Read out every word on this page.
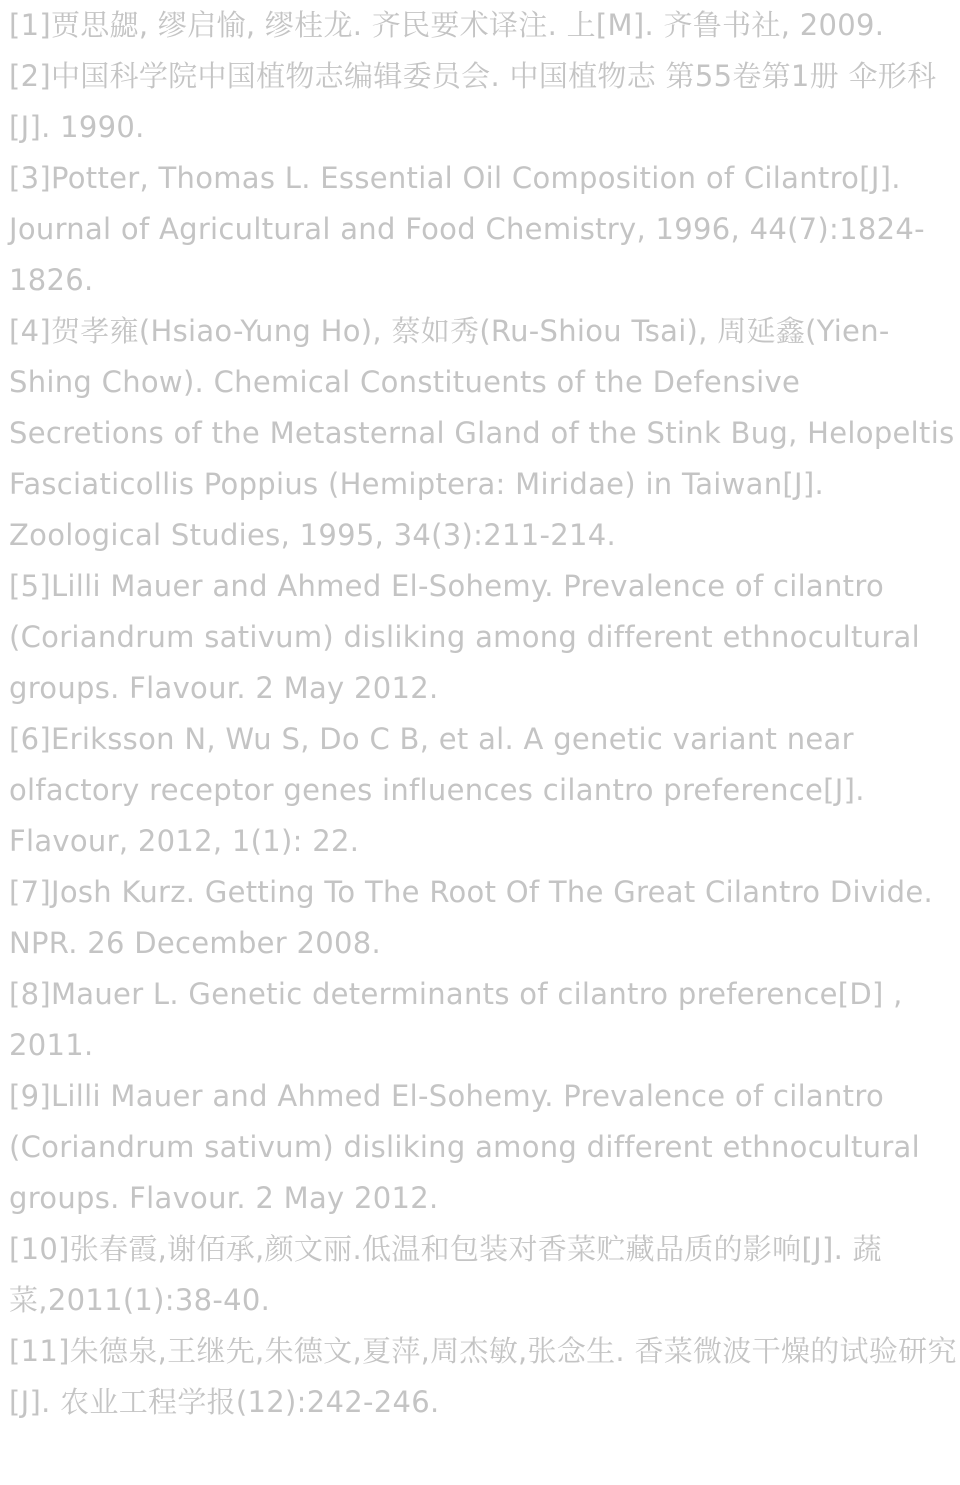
[1]贾思勰, 缪启愉, 缪桂龙. 齐民要术译注. 上[M]. 齐鲁书社, 2009.
[2]中国科学院中国植物志编辑委员会. 中国植物志 第55卷第1册 伞形科[J]. 1990.
[3]Potter, Thomas L. Essential Oil Composition of Cilantro[J]. Journal of Agricultural and Food Chemistry, 1996, 44(7):1824-1826.
[4]贺孝雍(Hsiao-Yung Ho), 蔡如秀(Ru-Shiou Tsai), 周延鑫(Yien-Shing Chow). Chemical Constituents of the Defensive Secretions of the Metasternal Gland of the Stink Bug, Helopeltis Fasciaticollis Poppius (Hemiptera: Miridae) in Taiwan[J]. Zoological Studies, 1995, 34(3):211-214.
[5]Lilli Mauer and Ahmed El-Sohemy. Prevalence of cilantro (Coriandrum sativum) disliking among different ethnocultural groups. Flavour. 2 May 2012.
[6]Eriksson N, Wu S, Do C B, et al. A genetic variant near olfactory receptor genes influences cilantro preference[J]. Flavour, 2012, 1(1): 22.
[7]Josh Kurz. Getting To The Root Of The Great Cilantro Divide. NPR. 26 December 2008.
[8]Mauer L. Genetic determinants of cilantro preference[D] , 2011.
[9]Lilli Mauer and Ahmed El-Sohemy. Prevalence of cilantro (Coriandrum sativum) disliking among different ethnocultural groups. Flavour. 2 May 2012.
[10]张春霞,谢佰承,颜文丽.低温和包装对香菜贮藏品质的影响[J]. 蔬菜,2011(1):38-40.
[11]朱德泉,王继先,朱德文,夏萍,周杰敏,张念生. 香菜微波干燥的试验研究[J]. 农业工程学报(12):242-246.
